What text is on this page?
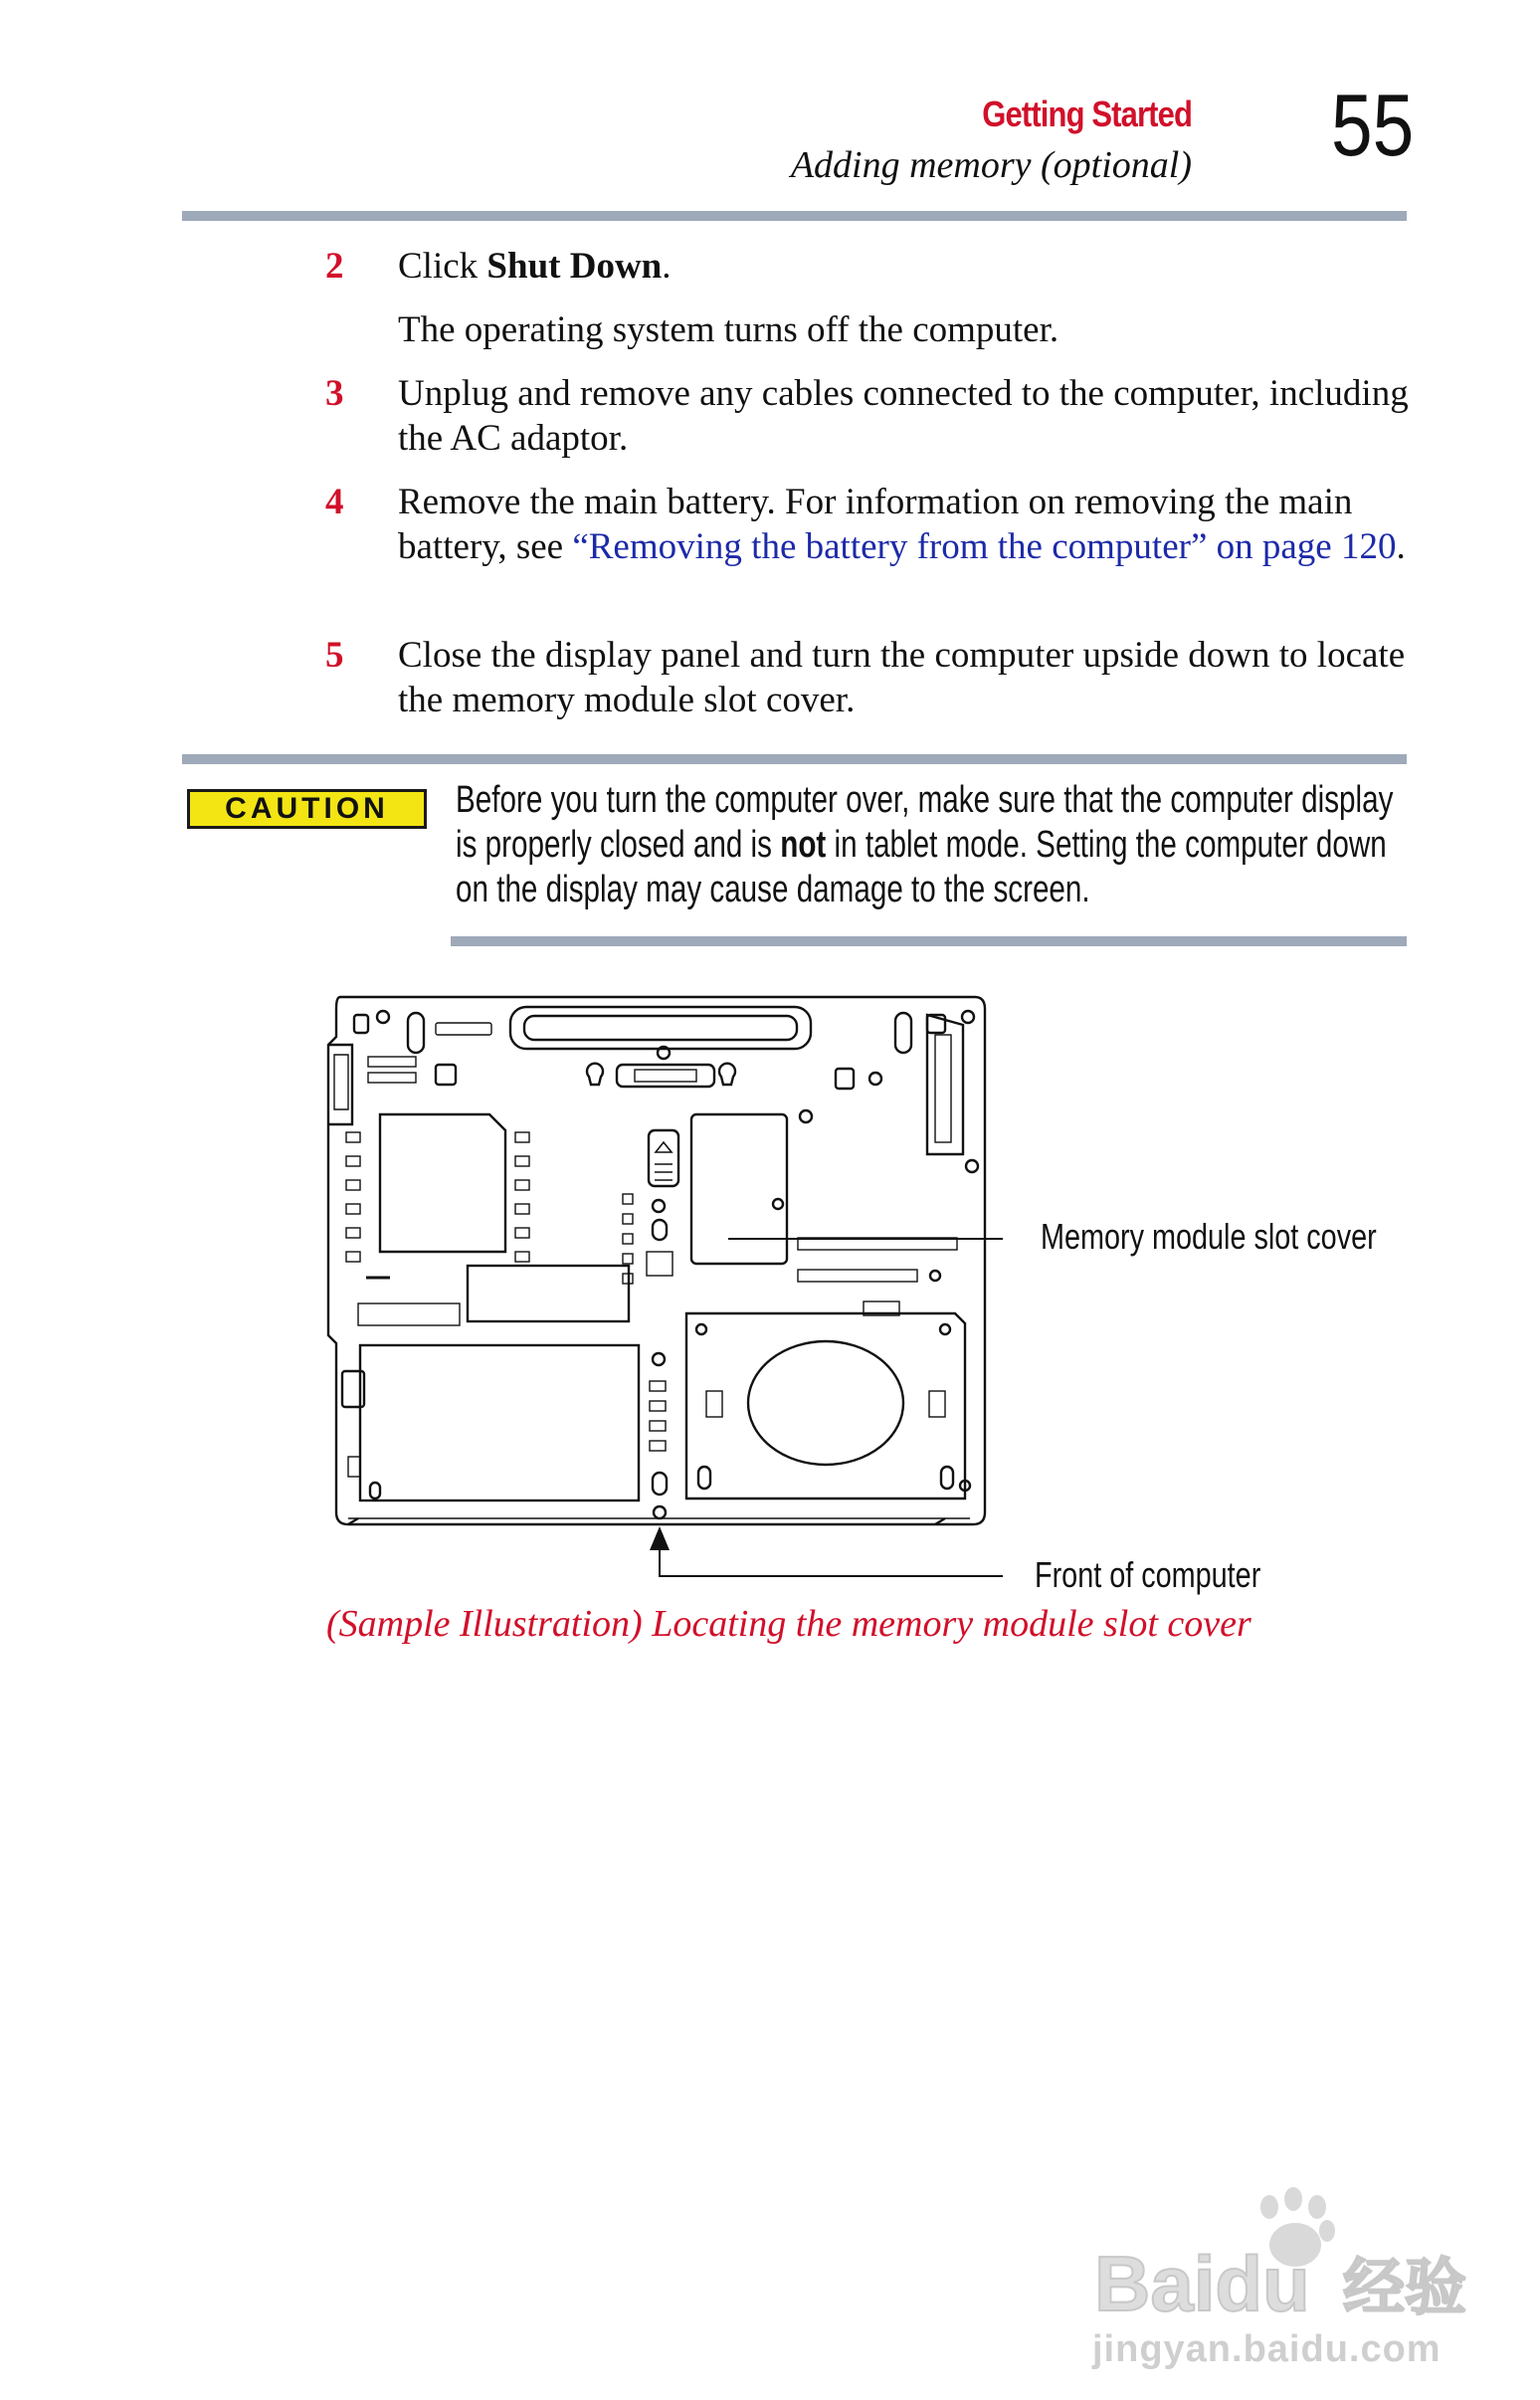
Getting Started
Adding memory (optional) 55
2 Click Shut Down.
The operating system turns off the computer.
3 Unplug and remove any cables connected to the computer, including the AC adaptor.
4 Remove the main battery. For information on removing the main battery, see “Removing the battery from the computer” on page 120.
5 Close the display panel and turn the computer upside down to locate the memory module slot cover.
CAUTION	Before you turn the computer over, make sure that the computer display is properly closed and is not in tablet mode. Setting the computer down on the display may cause damage to the screen.
Memory module slot cover
Front of computer
(Sample Illustration) Locating the memory module slot cover
Baidu 经验
jingyan.baidu.com
